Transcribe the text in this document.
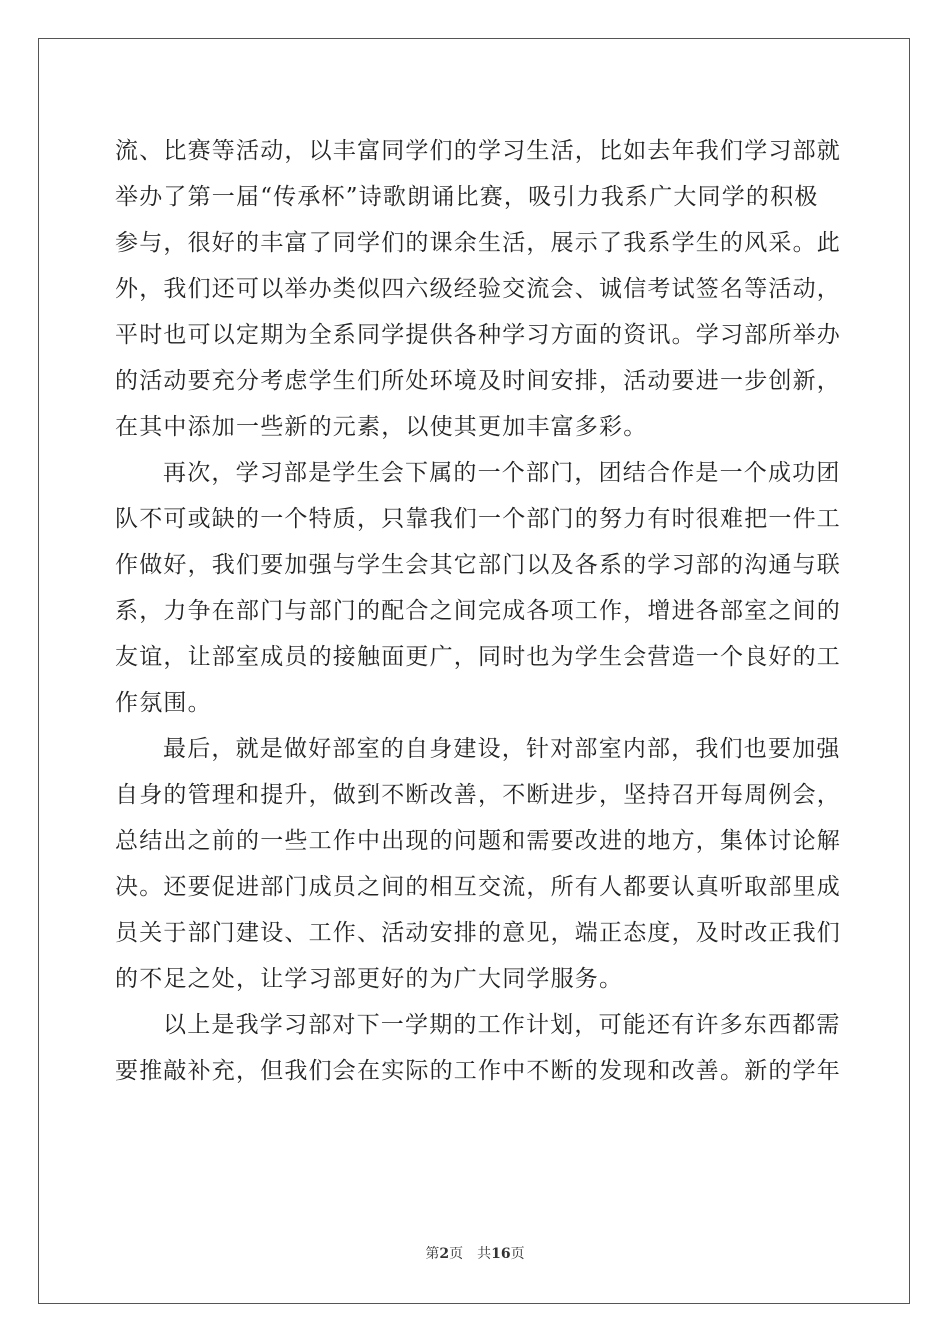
流、比赛等活动，以丰富同学们的学习生活，比如去年我们学习部就
举办了第一届“传承杯”诗歌朗诵比赛，吸引力我系广大同学的积极
参与，很好的丰富了同学们的课余生活，展示了我系学生的风采。此
外，我们还可以举办类似四六级经验交流会、诚信考试签名等活动，
平时也可以定期为全系同学提供各种学习方面的资讯。学习部所举办
的活动要充分考虑学生们所处环境及时间安排，活动要进一步创新，
在其中添加一些新的元素，以使其更加丰富多彩。
再次，学习部是学生会下属的一个部门，团结合作是一个成功团
队不可或缺的一个特质，只靠我们一个部门的努力有时很难把一件工
作做好，我们要加强与学生会其它部门以及各系的学习部的沟通与联
系，力争在部门与部门的配合之间完成各项工作，增进各部室之间的
友谊，让部室成员的接触面更广，同时也为学生会营造一个良好的工
作氛围。
最后，就是做好部室的自身建设，针对部室内部，我们也要加强
自身的管理和提升，做到不断改善，不断进步，坚持召开每周例会，
总结出之前的一些工作中出现的问题和需要改进的地方，集体讨论解
决。还要促进部门成员之间的相互交流，所有人都要认真听取部里成
员关于部门建设、工作、活动安排的意见，端正态度，及时改正我们
的不足之处，让学习部更好的为广大同学服务。
以上是我学习部对下一学期的工作计划，可能还有许多东西都需
要推敲补充，但我们会在实际的工作中不断的发现和改善。新的学年
第2页 共16页
